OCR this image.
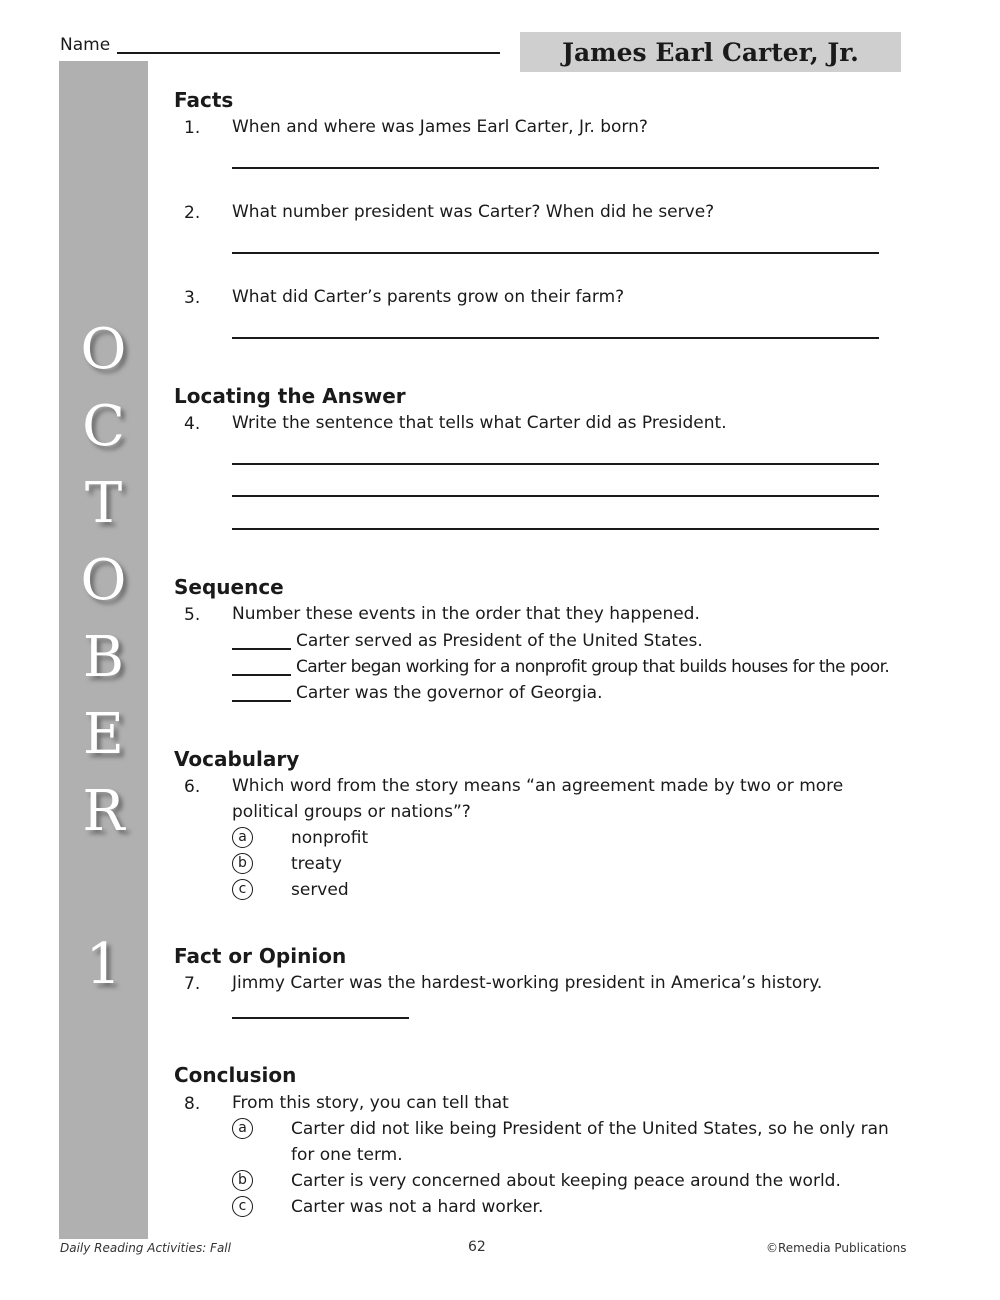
Name	James Earl Carter, Jr.
O
C
T
O
B
E
R
1
Facts
1. When and where was James Earl Carter, Jr. born?
2. What number president was Carter? When did he serve?
3. What did Carter’s parents grow on their farm?
Locating the Answer
4. Write the sentence that tells what Carter did as President.
Sequence
5. Number these events in the order that they happened.
Carter served as President of the United States.
Carter began working for a nonprofit group that builds houses for the poor.
Carter was the governor of Georgia.
Vocabulary
6. Which word from the story means “an agreement made by two or more
political groups or nations”?
a	nonprofit
b	treaty
c	served
Fact or Opinion
7. Jimmy Carter was the hardest-working president in America’s history.
Conclusion
8. From this story, you can tell that
a	Carter did not like being President of the United States, so he only ran
for one term.
b	Carter is very concerned about keeping peace around the world.
c	Carter was not a hard worker.
Daily Reading Activities: Fall	62	©Remedia Publications
